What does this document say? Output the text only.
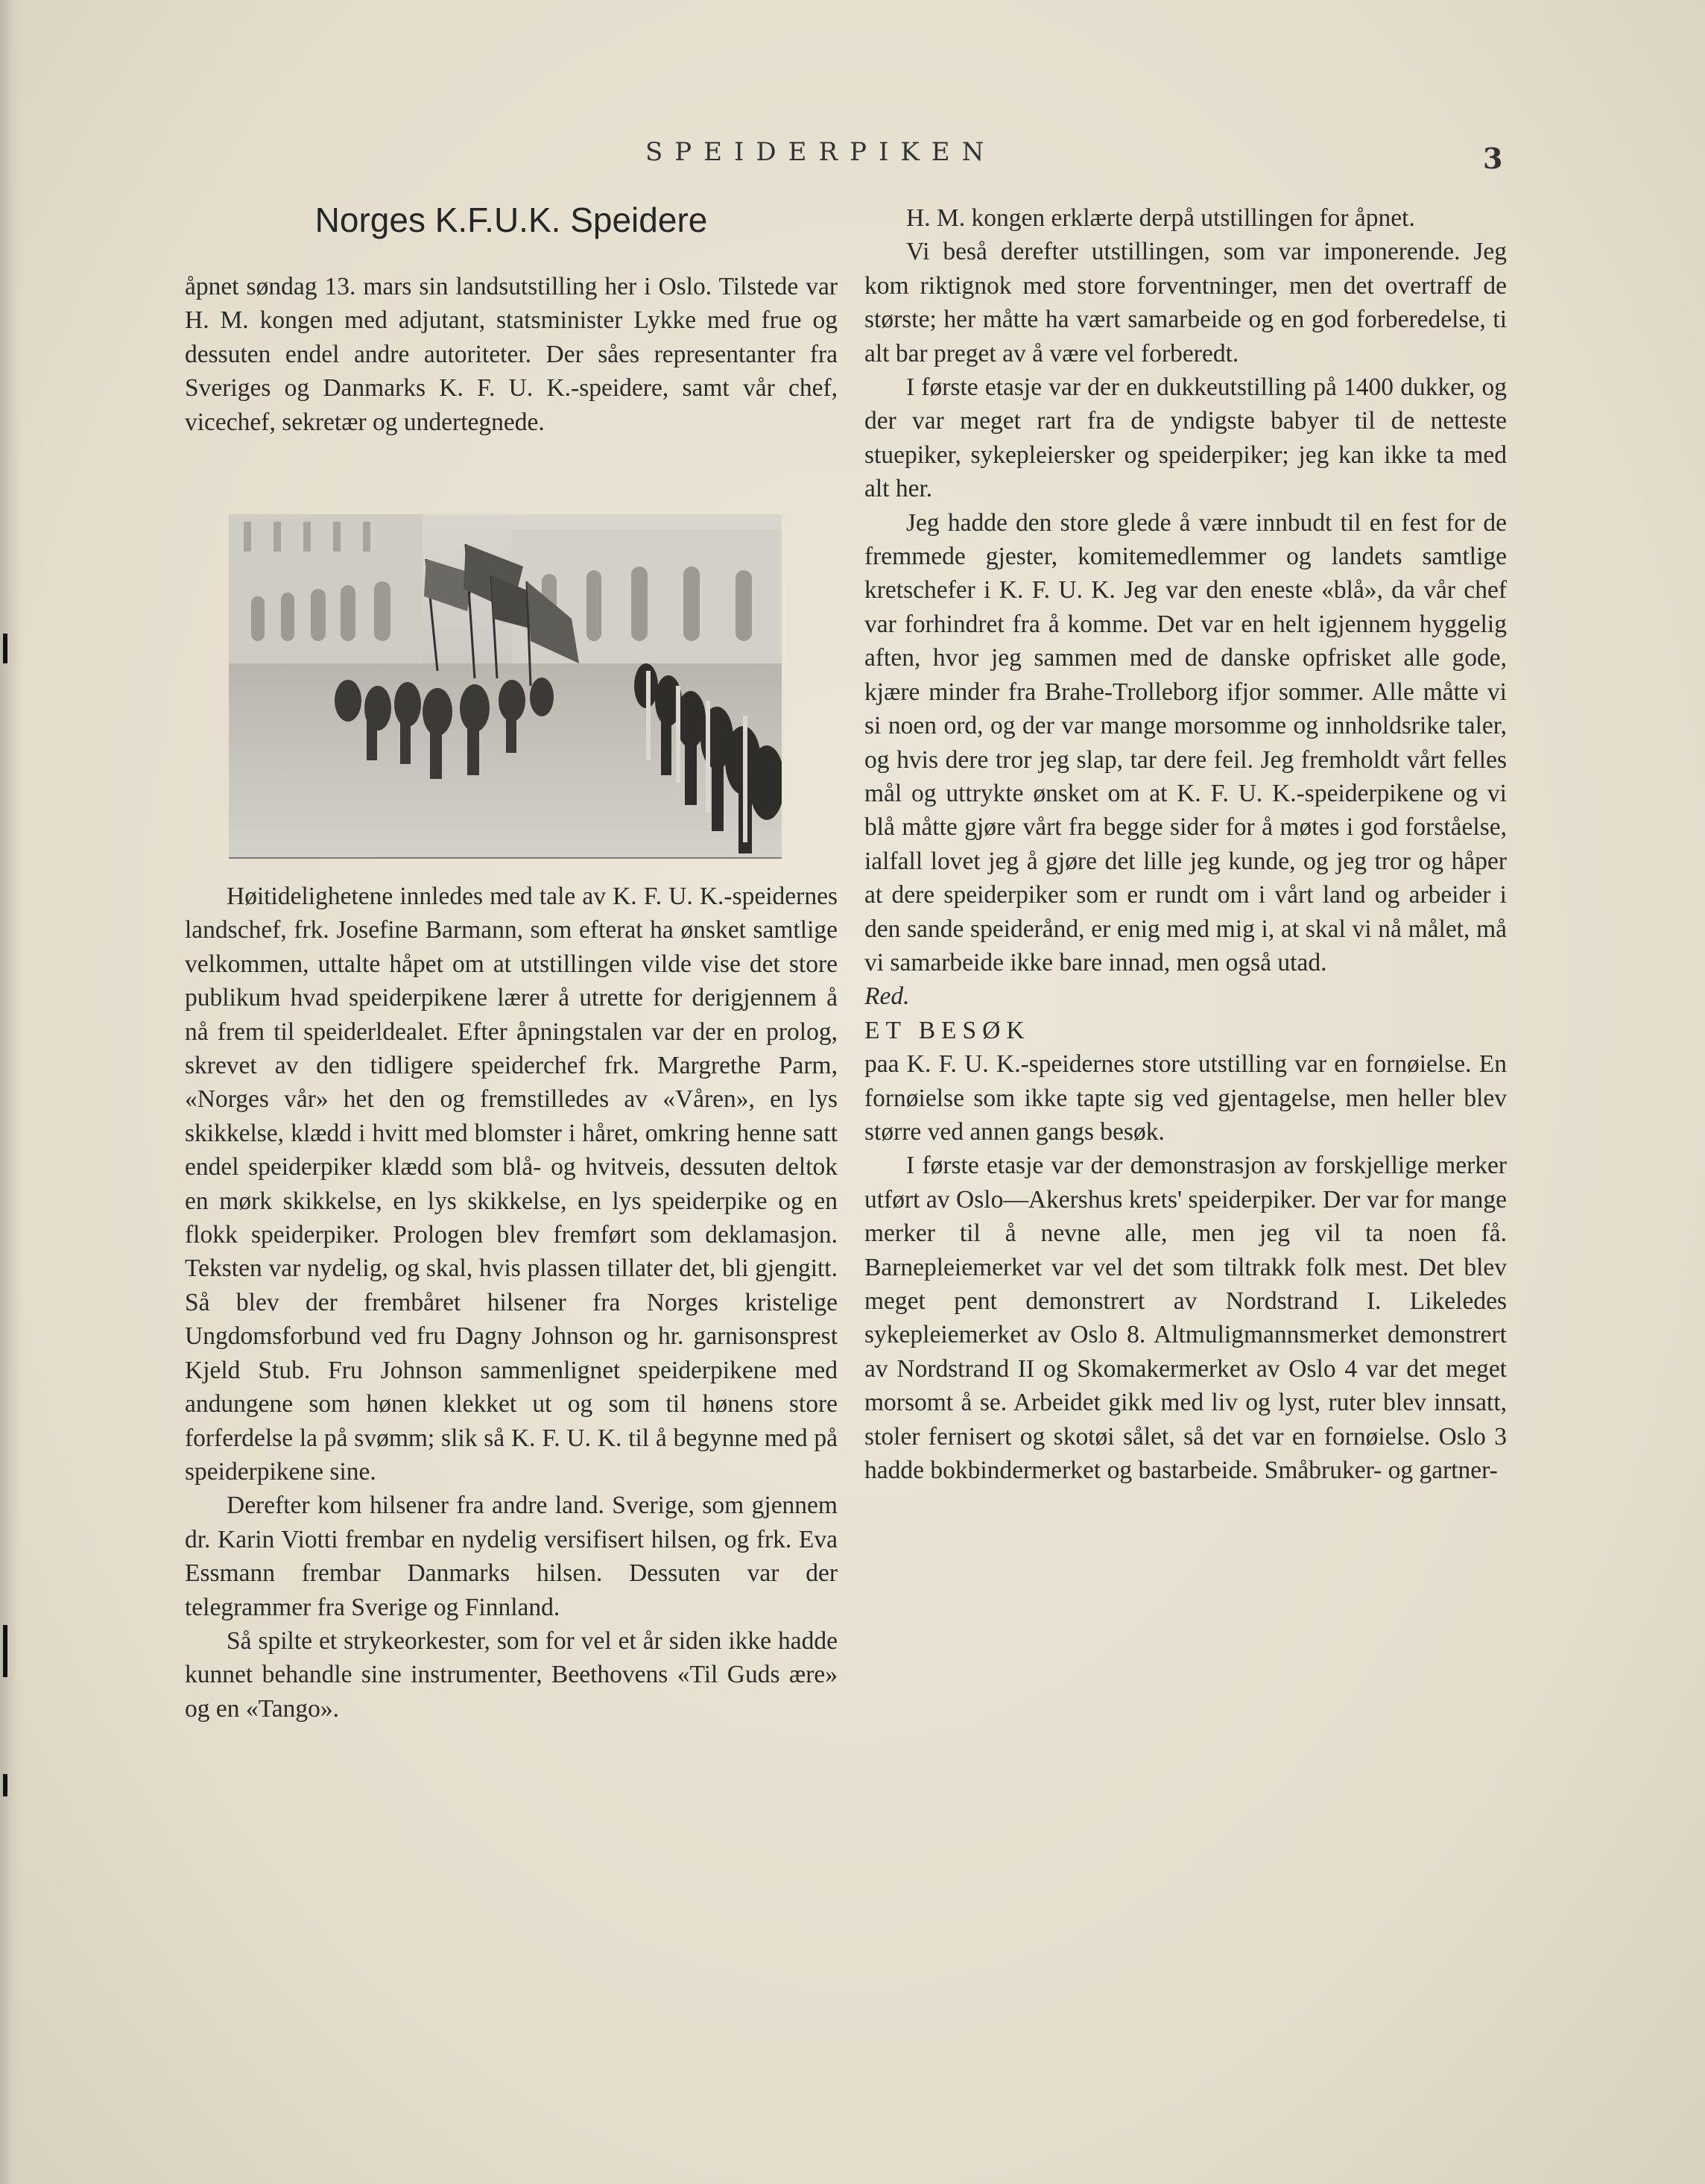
SPEIDERPIKEN	3
Norges K.F.U.K. Speidere

åpnet søndag 13. mars sin landsutstilling her i Oslo. Tilstede var H. M. kongen med adjutant, statsminister Lykke med frue og dessuten endel andre autoriteter. Der såes representanter fra Sveriges og Danmarks K. F. U. K.-speidere, samt vår chef, vicechef, sekretær og undertegnede.

Høitidelighetene innledes med tale av K. F. U. K.-speidernes landschef, frk. Josefine Barmann, som efterat ha ønsket samtlige velkommen, uttalte håpet om at utstillingen vilde vise det store publikum hvad speiderpikene lærer å utrette for derigjennem å nå frem til speiderldealet. Efter åpningstalen var der en prolog, skrevet av den tidligere speiderchef frk. Margrethe Parm, «Norges vår» het den og fremstilledes av «Våren», en lys skikkelse, klædd i hvitt med blomster i håret, omkring henne satt endel speiderpiker klædd som blå- og hvitveis, dessuten deltok en mørk skikkelse, en lys skikkelse, en lys speiderpike og en flokk speiderpiker. Prologen blev fremført som deklamasjon. Teksten var nydelig, og skal, hvis plassen tillater det, bli gjengitt. Så blev der frembåret hilsener fra Norges kristelige Ungdomsforbund ved fru Dagny Johnson og hr. garnisonsprest Kjeld Stub. Fru Johnson sammenlignet speiderpikene med andungene som hønen klekket ut og som til hønens store forferdelse la på svømm; slik så K. F. U. K. til å begynne med på speiderpikene sine.

Derefter kom hilsener fra andre land. Sverige, som gjennem dr. Karin Viotti frembar en nydelig versifisert hilsen, og frk. Eva Essmann frembar Danmarks hilsen. Dessuten var der telegrammer fra Sverige og Finnland.

Så spilte et strykeorkester, som for vel et år siden ikke hadde kunnet behandle sine instrumenter, Beethovens «Til Guds ære» og en «Tango».

H. M. kongen erklærte derpå utstillingen for åpnet.

Vi beså derefter utstillingen, som var imponerende. Jeg kom riktignok med store forventninger, men det overtraff de største; her måtte ha vært samarbeide og en god forberedelse, ti alt bar preget av å være vel forberedt.

I første etasje var der en dukkeutstilling på 1400 dukker, og der var meget rart fra de yndigste babyer til de netteste stuepiker, sykepleiersker og speiderpiker; jeg kan ikke ta med alt her.

Jeg hadde den store glede å være innbudt til en fest for de fremmede gjester, komitemedlemmer og landets samtlige kretschefer i K. F. U. K. Jeg var den eneste «blå», da vår chef var forhindret fra å komme. Det var en helt igjennem hyggelig aften, hvor jeg sammen med de danske opfrisket alle gode, kjære minder fra Brahe-Trolleborg ifjor sommer. Alle måtte vi si noen ord, og der var mange morsomme og innholdsrike taler, og hvis dere tror jeg slap, tar dere feil. Jeg fremholdt vårt felles mål og uttrykte ønsket om at K. F. U. K.-speiderpikene og vi blå måtte gjøre vårt fra begge sider for å møtes i god forståelse, ialfall lovet jeg å gjøre det lille jeg kunde, og jeg tror og håper at dere speiderpiker som er rundt om i vårt land og arbeider i den sande speiderånd, er enig med mig i, at skal vi nå målet, må vi samarbeide ikke bare innad, men også utad.

Red.

ET BESØK

paa K. F. U. K.-speidernes store utstilling var en fornøielse. En fornøielse som ikke tapte sig ved gjentagelse, men heller blev større ved annen gangs besøk.

I første etasje var der demonstrasjon av forskjellige merker utført av Oslo—Akershus krets' speiderpiker. Der var for mange merker til å nevne alle, men jeg vil ta noen få. Barnepleiemerket var vel det som tiltrakk folk mest. Det blev meget pent demonstrert av Nordstrand I. Likeledes sykepleiemerket av Oslo 8. Altmuligmannsmerket demonstrert av Nordstrand II og Skomakermerket av Oslo 4 var det meget morsomt å se. Arbeidet gikk med liv og lyst, ruter blev innsatt, stoler fernisert og skotøi sålet, så det var en fornøielse. Oslo 3 hadde bokbindermerket og bastarbeide. Småbruker- og gartner-
